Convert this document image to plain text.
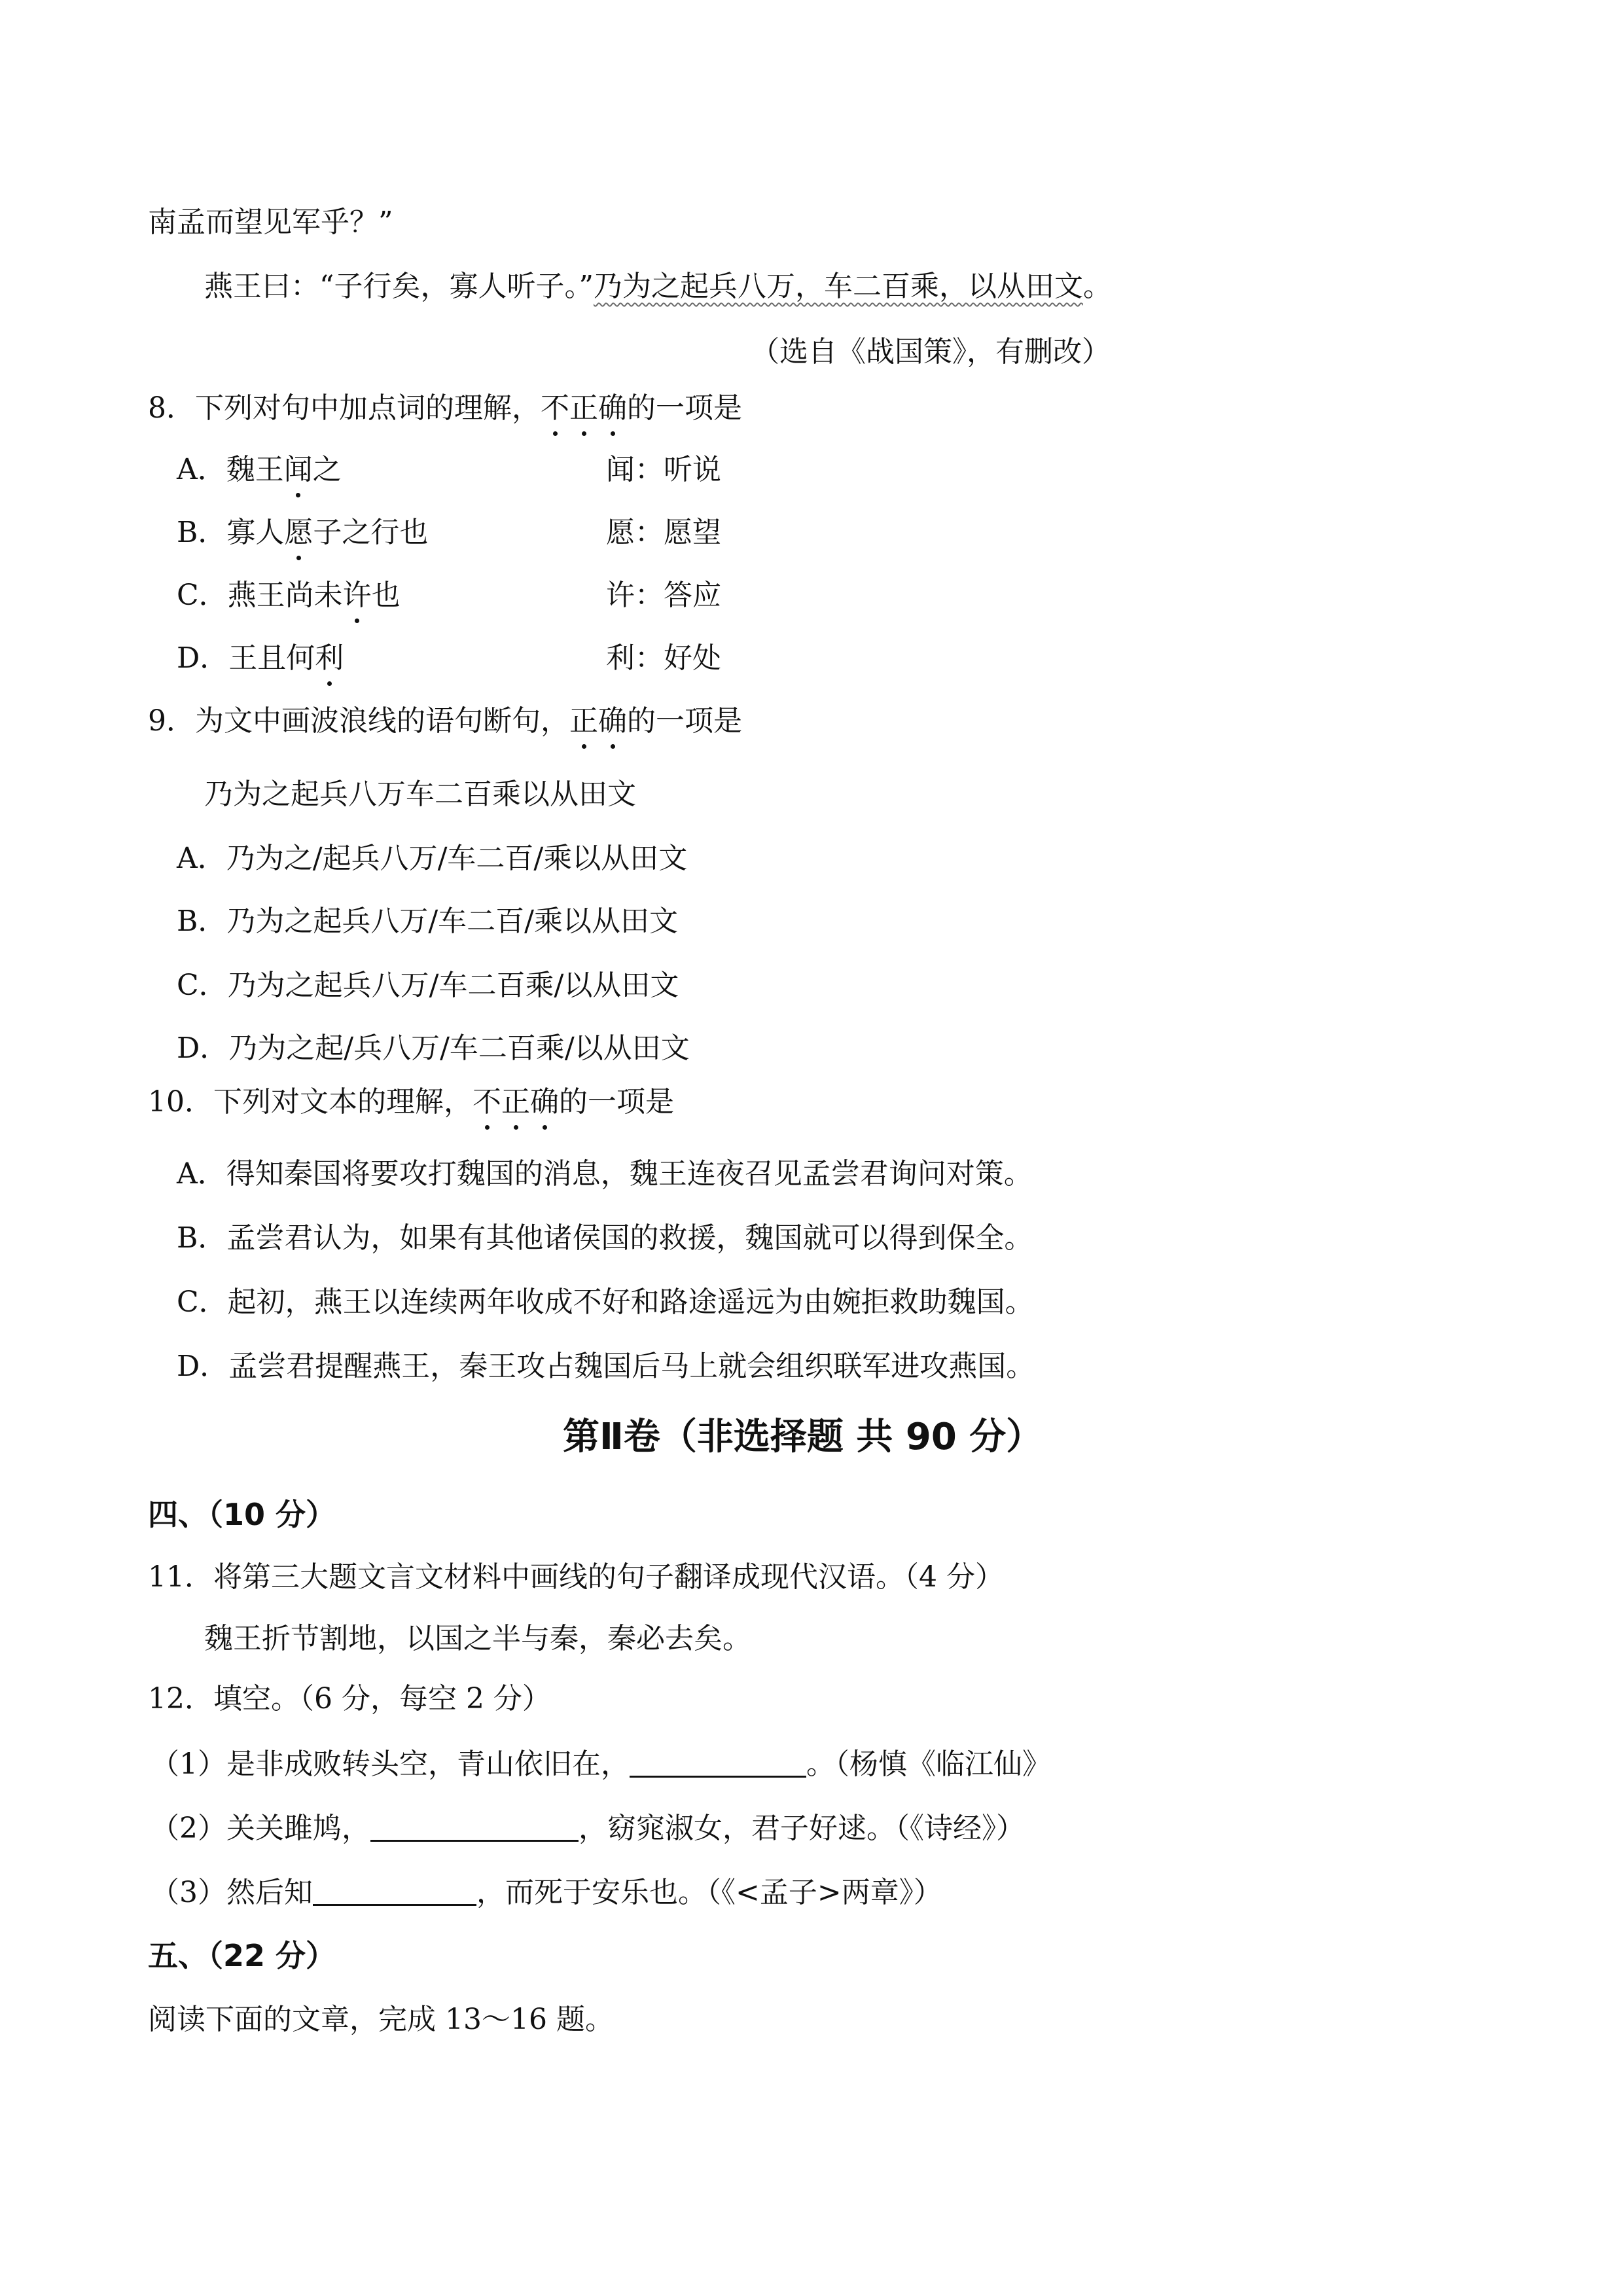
南孟而望见军乎？”
燕王曰：“子行矣，寡人听子。”乃为之起兵八万，车二百乘，以从田文。
（选自《战国策》，有删改）
8．下列对句中加点词的理解，不正确的一项是
A．魏王闻之	闻：听说
B．寡人愿子之行也	愿：愿望
C．燕王尚未许也	许：答应
D．王且何利	利：好处
9．为文中画波浪线的语句断句，正确的一项是
乃为之起兵八万车二百乘以从田文
A．乃为之/起兵八万/车二百/乘以从田文
B．乃为之起兵八万/车二百/乘以从田文
C．乃为之起兵八万/车二百乘/以从田文
D．乃为之起/兵八万/车二百乘/以从田文
10．下列对文本的理解，不正确的一项是
A．得知秦国将要攻打魏国的消息，魏王连夜召见孟尝君询问对策。
B．孟尝君认为，如果有其他诸侯国的救援，魏国就可以得到保全。
C．起初，燕王以连续两年收成不好和路途遥远为由婉拒救助魏国。
D．孟尝君提醒燕王，秦王攻占魏国后马上就会组织联军进攻燕国。
第Ⅱ卷（非选择题 共 90 分）
四、（10 分）
11．将第三大题文言文材料中画线的句子翻译成现代汉语。（4 分）
魏王折节割地，以国之半与秦，秦必去矣。
12．填空。（6 分，每空 2 分）
（1）是非成败转头空，青山依旧在，	。（杨慎《临江仙》
（2）关关雎鸠，	，窈窕淑女，君子好逑。（《诗经》）
（3）然后知	，而死于安乐也。（《<孟子>两章》）
五、（22 分）
阅读下面的文章，完成 13～16 题。
